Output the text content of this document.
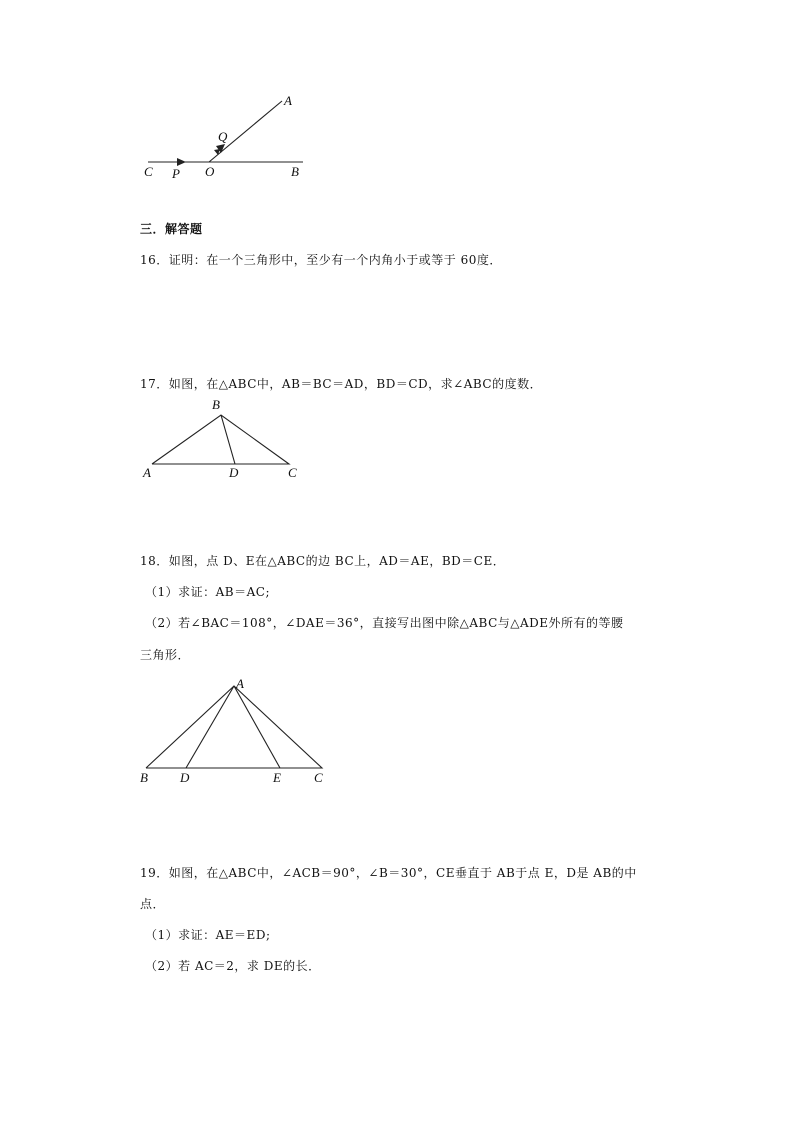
A
Q
C P O	B
三．解答题
16．证明：在一个三角形中，至少有一个内角小于或等于 60度．
17．如图，在△ABC中，AB＝BC＝AD，BD＝CD，求∠ABC的度数．
B
A	D	C
18．如图，点 D、E在△ABC的边 BC上，AD＝AE，BD＝CE．
（1）求证：AB＝AC;
（2）若∠BAC＝108°，∠DAE＝36°，直接写出图中除△ABC与△ADE外所有的等腰
三角形．
A
B D	E	C
19．如图，在△ABC中，∠ACB＝90°，∠B＝30°，CE垂直于 AB于点 E，D是 AB的中
点．
（1）求证：AE＝ED;
（2）若 AC＝2，求 DE的长．
